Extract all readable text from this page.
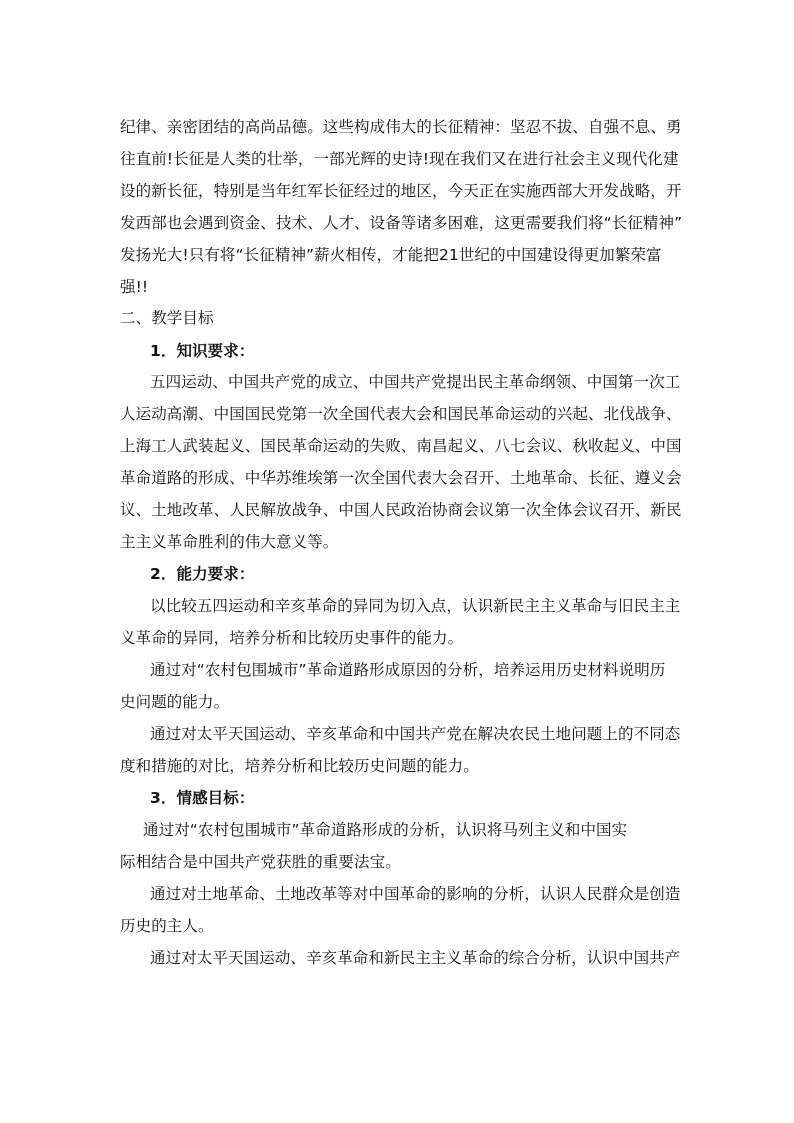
纪律、亲密团结的高尚品德。这些构成伟大的长征精神：坚忍不拔、自强不息、勇
往直前!长征是人类的壮举，一部光辉的史诗!现在我们又在进行社会主义现代化建
设的新长征，特别是当年红军长征经过的地区，今天正在实施西部大开发战略，开
发西部也会遇到资金、技术、人才、设备等诸多困难，这更需要我们将“长征精神”
发扬光大!只有将“长征精神”薪火相传，才能把21世纪的中国建设得更加繁荣富
强!!
二、教学目标
1．知识要求：
五四运动、中国共产党的成立、中国共产党提出民主革命纲领、中国第一次工
人运动高潮、中国国民党第一次全国代表大会和国民革命运动的兴起、北伐战争、
上海工人武装起义、国民革命运动的失败、南昌起义、八七会议、秋收起义、中国
革命道路的形成、中华苏维埃第一次全国代表大会召开、土地革命、长征、遵义会
议、土地改革、人民解放战争、中国人民政治协商会议第一次全体会议召开、新民
主主义革命胜利的伟大意义等。
2．能力要求：
以比较五四运动和辛亥革命的异同为切入点，认识新民主主义革命与旧民主主
义革命的异同，培养分析和比较历史事件的能力。
通过对“农村包围城市”革命道路形成原因的分析，培养运用历史材料说明历
史问题的能力。
通过对太平天国运动、辛亥革命和中国共产党在解决农民土地问题上的不同态
度和措施的对比，培养分析和比较历史问题的能力。
3．情感目标：
通过对“农村包围城市”革命道路形成的分析，认识将马列主义和中国实
际相结合是中国共产党获胜的重要法宝。
通过对土地革命、土地改革等对中国革命的影响的分析，认识人民群众是创造
历史的主人。
通过对太平天国运动、辛亥革命和新民主主义革命的综合分析，认识中国共产
